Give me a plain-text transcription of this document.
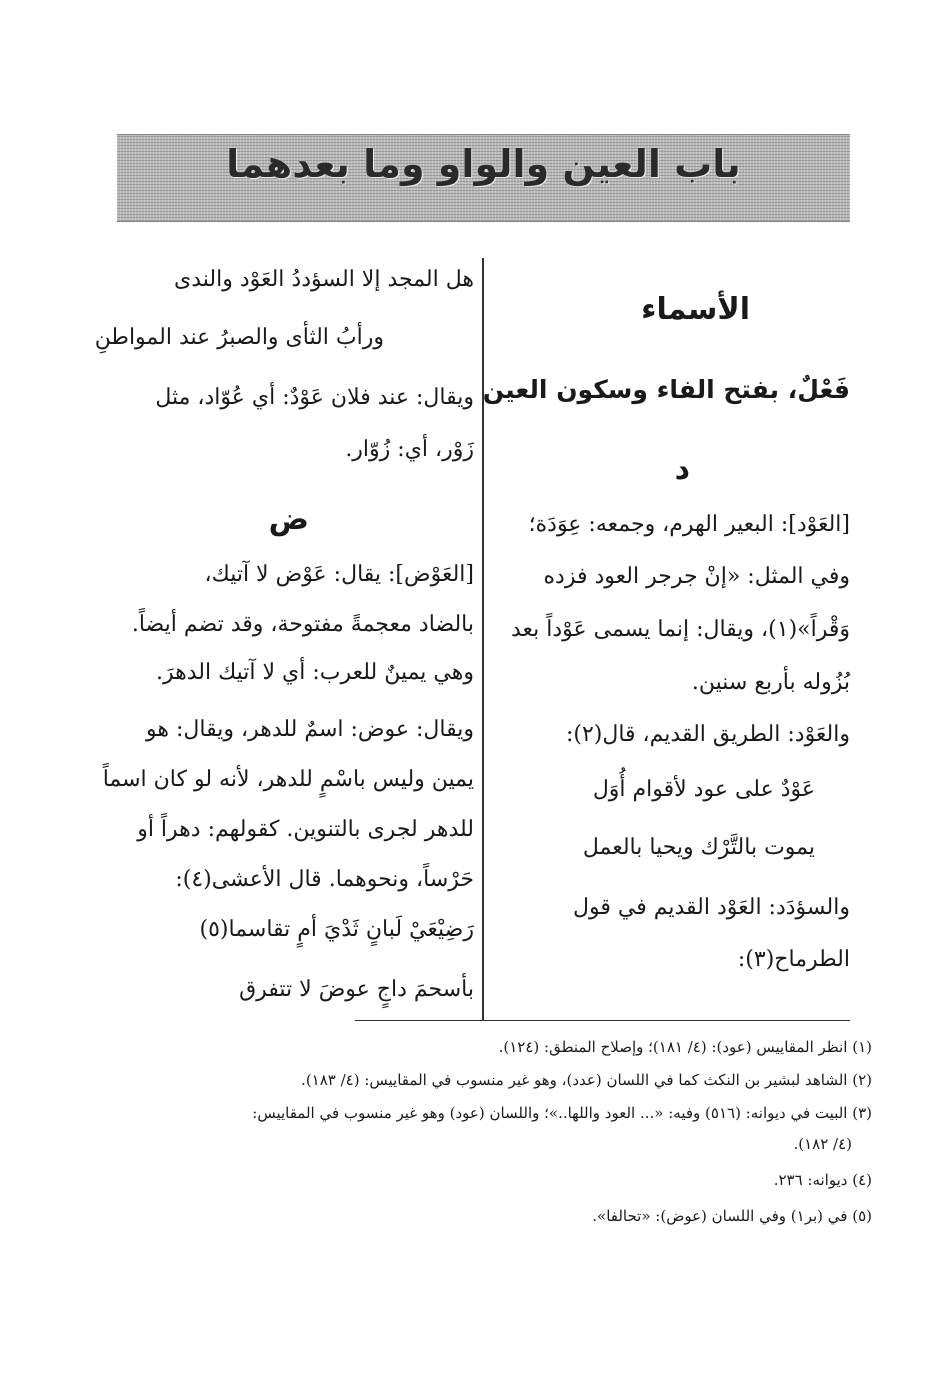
باب العين والواو وما بعدهما
الأسماء
فَعْلٌ، بفتح الفاء وسكون العين
د
[العَوْد]: البعير الهرم، وجمعه: عِوَدَة؛
وفي المثل: «إنْ جرجر العود فزده
وَقْراً»(١)، ويقال: إنما يسمى عَوْداً بعد
بُزُوله بأربع سنين.
والعَوْد: الطريق القديم، قال(٢):
عَوْدٌ على عود لأقوام أُوَل
يموت بالتَّرْك ويحيا بالعمل
والسؤدَد: العَوْد القديم في قول
الطرماح(٣):
هل المجد إلا السؤددُ العَوْد والندى
ورأبُ الثأى والصبرُ عند المواطنِ
ويقال: عند فلان عَوْدٌ: أي عُوّاد، مثل
زَوْر، أي: زُوّار.
ض
[العَوْض]: يقال: عَوْض لا آتيك،
بالضاد معجمةً مفتوحة، وقد تضم أيضاً.
وهي يمينٌ للعرب: أي لا آتيك الدهرَ.
ويقال: عوض: اسمٌ للدهر، ويقال: هو
يمين وليس باسْمٍ للدهر، لأنه لو كان اسماً
للدهر لجرى بالتنوين. كقولهم: دهراً أو
حَرْساً، ونحوهما. قال الأعشى(٤):
رَضِيْعَيْ لَبانٍ ثَدْيَ أمٍ تقاسما(٥)
بأسحمَ داجٍ عوضَ لا تتفرق
(١) انظر المقاييس (عود): (٤/ ١٨١)؛ وإصلاح المنطق: (١٢٤).
(٢) الشاهد لبشير بن النكث كما في اللسان (عدد)، وهو غير منسوب في المقاييس: (٤/ ١٨٣).
(٣) البيت في ديوانه: (٥١٦) وفيه: «... العود واللها..»؛ واللسان (عود) وهو غير منسوب في المقاييس:
(٤/ ١٨٢).
(٤) ديوانه: ٢٣٦.
(٥) في (بر١) وفي اللسان (عوض): «تحالفا».
